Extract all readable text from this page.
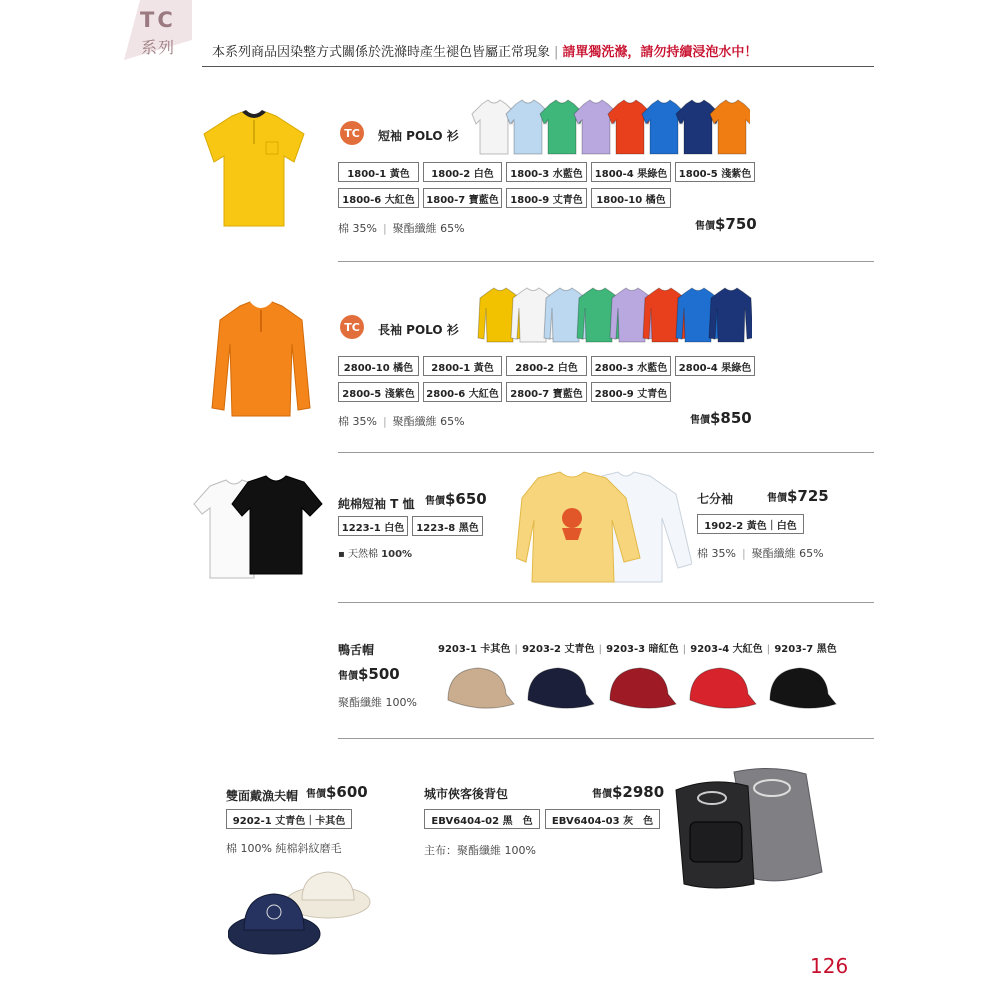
TC
系列	本系列商品因染整方式關係於洗滌時產生褪色皆屬正常現象 | 請單獨洗滌，請勿持續浸泡水中！
TC	短袖 POLO 衫
1800-1 黃色	1800-2 白色	1800-3 水藍色	1800-4 果綠色	1800-5 淺紫色
1800-6 大紅色	1800-7 寶藍色	1800-9 丈青色	1800-10 橘色
棉 35% | 聚酯纖維 65%	售價$750
TC	長袖 POLO 衫
2800-10 橘色	2800-1 黃色	2800-2 白色	2800-3 水藍色	2800-4 果綠色
2800-5 淺紫色	2800-6 大紅色	2800-7 寶藍色	2800-9 丈青色
棉 35% | 聚酯纖維 65%	售價$850
純棉短袖 T 恤 售價$650
1223-1 白色	1223-8 黑色
▪ 天然棉 100%
七分袖	售價$725
1902-2 黃色｜白色
棉 35% | 聚酯纖維 65%
鴨舌帽
售價$500
聚酯纖維 100%
9203-1 卡其色 | 9203-2 丈青色 | 9203-3 暗紅色 | 9203-4 大紅色 | 9203-7 黑色
雙面戴漁夫帽 售價$600
9202-1 丈青色｜卡其色
棉 100% 純棉斜紋磨毛
城市俠客後背包	售價$2980
EBV6404-02 黑　色	EBV6404-03 灰　色
主布：聚酯纖維 100%
126
